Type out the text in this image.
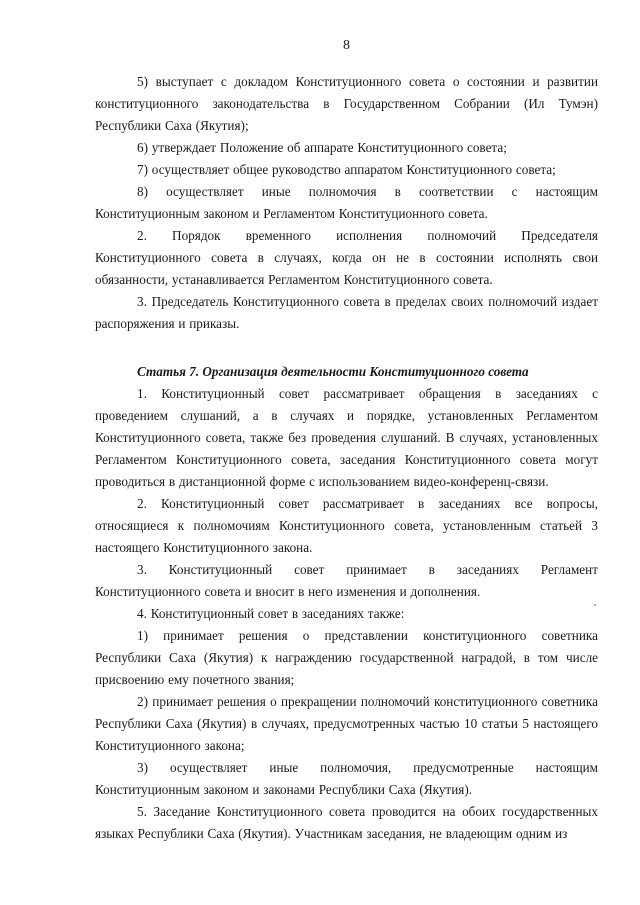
8

5) выступает с докладом Конституционного совета о состоянии и развитии конституционного законодательства в Государственном Собрании (Ил Тумэн) Республики Саха (Якутия);

6) утверждает Положение об аппарате Конституционного совета;

7) осуществляет общее руководство аппаратом Конституционного совета;

8) осуществляет иные полномочия в соответствии с настоящим Конституционным законом и Регламентом Конституционного совета.

2. Порядок временного исполнения полномочий Председателя Конституционного совета в случаях, когда он не в состоянии исполнять свои обязанности, устанавливается Регламентом Конституционного совета.

3. Председатель Конституционного совета в пределах своих полномочий издает распоряжения и приказы.

Статья 7. Организация деятельности Конституционного совета

1. Конституционный совет рассматривает обращения в заседаниях с проведением слушаний, а в случаях и порядке, установленных Регламентом Конституционного совета, также без проведения слушаний. В случаях, установленных Регламентом Конституционного совета, заседания Конституционного совета могут проводиться в дистанционной форме с использованием видео-конференц-связи.

2. Конституционный совет рассматривает в заседаниях все вопросы, относящиеся к полномочиям Конституционного совета, установленным статьей 3 настоящего Конституционного закона.

3. Конституционный совет принимает в заседаниях Регламент Конституционного совета и вносит в него изменения и дополнения.

4. Конституционный совет в заседаниях также:

1) принимает решения о представлении конституционного советника Республики Саха (Якутия) к награждению государственной наградой, в том числе присвоению ему почетного звания;

2) принимает решения о прекращении полномочий конституционного советника Республики Саха (Якутия) в случаях, предусмотренных частью 10 статьи 5 настоящего Конституционного закона;

3) осуществляет иные полномочия, предусмотренные настоящим Конституционным законом и законами Республики Саха (Якутия).

5. Заседание Конституционного совета проводится на обоих государственных языках Республики Саха (Якутия). Участникам заседания, не владеющим одним из
